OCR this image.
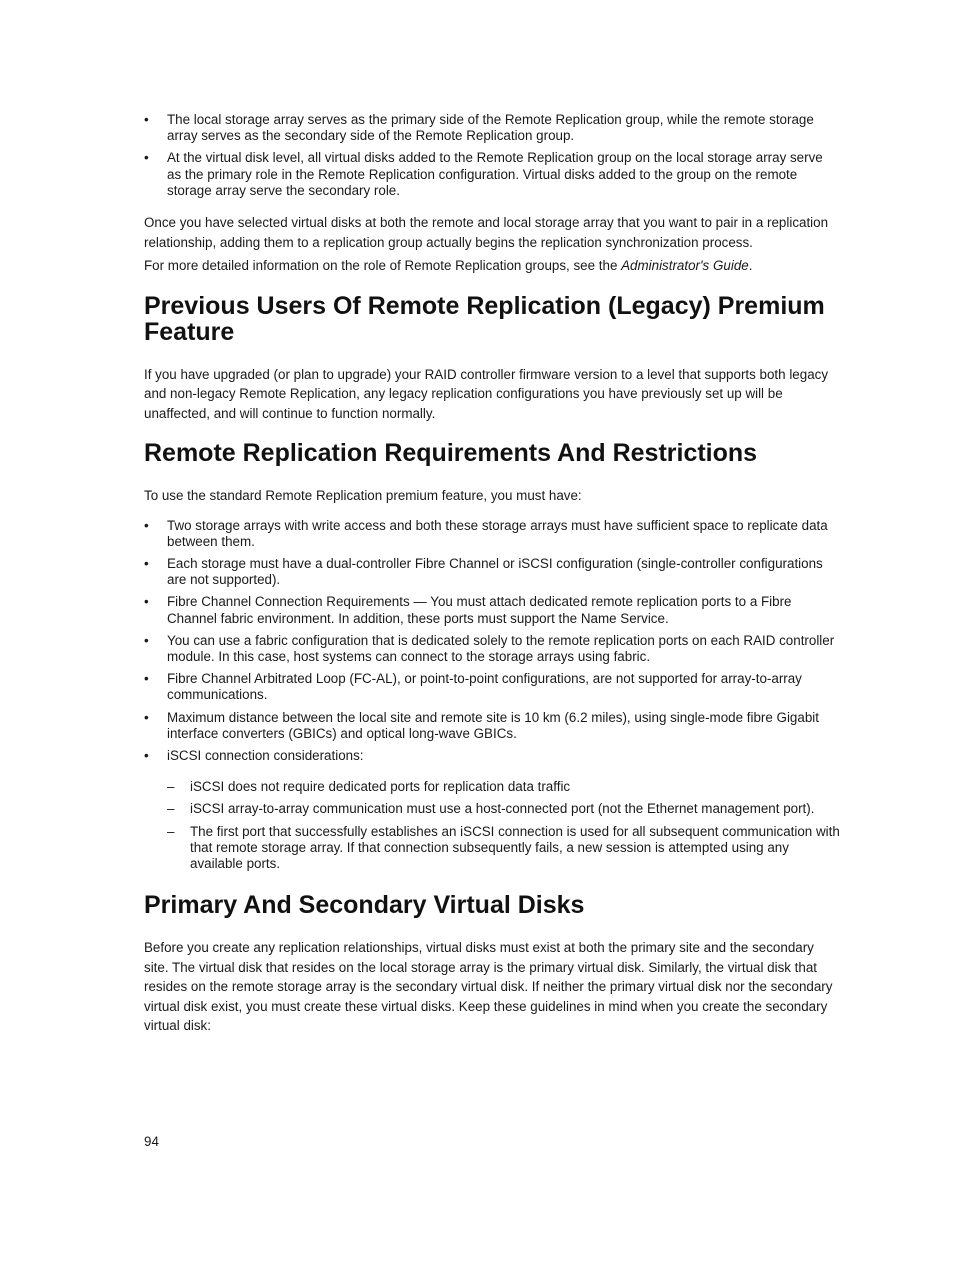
•	The local storage array serves as the primary side of the Remote Replication group, while the remote storage array serves as the secondary side of the Remote Replication group.
•	At the virtual disk level, all virtual disks added to the Remote Replication group on the local storage array serve as the primary role in the Remote Replication configuration. Virtual disks added to the group on the remote storage array serve the secondary role.

Once you have selected virtual disks at both the remote and local storage array that you want to pair in a replication relationship, adding them to a replication group actually begins the replication synchronization process.

For more detailed information on the role of Remote Replication groups, see the Administrator's Guide.

Previous Users Of Remote Replication (Legacy) Premium Feature

If you have upgraded (or plan to upgrade) your RAID controller firmware version to a level that supports both legacy and non-legacy Remote Replication, any legacy replication configurations you have previously set up will be unaffected, and will continue to function normally.

Remote Replication Requirements And Restrictions

To use the standard Remote Replication premium feature, you must have:

•	Two storage arrays with write access and both these storage arrays must have sufficient space to replicate data between them.
•	Each storage must have a dual-controller Fibre Channel or iSCSI configuration (single-controller configurations are not supported).
•	Fibre Channel Connection Requirements — You must attach dedicated remote replication ports to a Fibre Channel fabric environment. In addition, these ports must support the Name Service.
•	You can use a fabric configuration that is dedicated solely to the remote replication ports on each RAID controller module. In this case, host systems can connect to the storage arrays using fabric.
•	Fibre Channel Arbitrated Loop (FC-AL), or point-to-point configurations, are not supported for array-to-array communications.
•	Maximum distance between the local site and remote site is 10 km (6.2 miles), using single-mode fibre Gigabit interface converters (GBICs) and optical long-wave GBICs.
•	iSCSI connection considerations:
– iSCSI does not require dedicated ports for replication data traffic
– iSCSI array-to-array communication must use a host-connected port (not the Ethernet management port).
– The first port that successfully establishes an iSCSI connection is used for all subsequent communication with that remote storage array. If that connection subsequently fails, a new session is attempted using any available ports.
Primary And Secondary Virtual Disks

Before you create any replication relationships, virtual disks must exist at both the primary site and the secondary site. The virtual disk that resides on the local storage array is the primary virtual disk. Similarly, the virtual disk that resides on the remote storage array is the secondary virtual disk. If neither the primary virtual disk nor the secondary virtual disk exist, you must create these virtual disks. Keep these guidelines in mind when you create the secondary virtual disk:

94
